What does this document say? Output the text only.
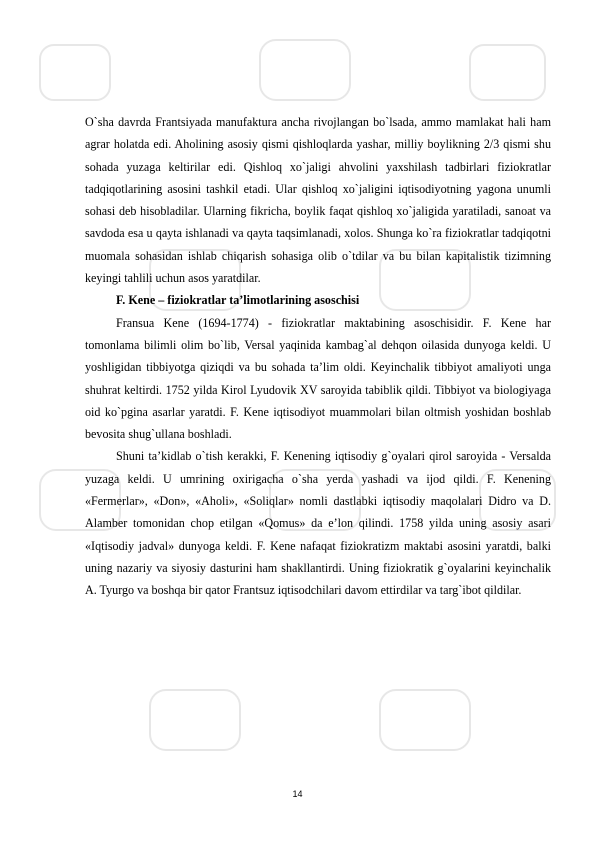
O`sha davrda Frantsiyada manufaktura ancha rivojlangan bo`lsada, ammo mamlakat hali ham agrar holatda edi. Aholining asosiy qismi qishloqlarda yashar, milliy boylikning 2/3 qismi shu sohada yuzaga keltirilar edi. Qishloq xo`jaligi ahvolini yaxshilash tadbirlari fiziokratlar tadqiqotlarining asosini tashkil etadi. Ular qishloq xo`jaligini iqtisodiyotning yagona unumli sohasi deb hisobladilar. Ularning fikricha, boylik faqat qishloq xo`jaligida yaratiladi, sanoat va savdoda esa u qayta ishlanadi va qayta taqsimlanadi, xolos. Shunga ko`ra fiziokratlar tadqiqotni muomala sohasidan ishlab chiqarish sohasiga olib o`tdilar va bu bilan kapitalistik tizimning keyingi tahlili uchun asos yaratdilar.

F. Kene – fiziokratlar ta’limotlarining asoschisi

Fransua Kene (1694-1774) - fiziokratlar maktabining asoschisidir. F. Kene har tomonlama bilimli olim bo`lib, Versal yaqinida kambag`al dehqon oilasida dunyoga keldi. U yoshligidan tibbiyotga qiziqdi va bu sohada ta’lim oldi. Keyinchalik tibbiyot amaliyoti unga shuhrat keltirdi. 1752 yilda Kirol Lyudovik XV saroyida tabiblik qildi. Tibbiyot va biologiyaga oid ko`pgina asarlar yaratdi. F. Kene iqtisodiyot muammolari bilan oltmish yoshidan boshlab bevosita shug`ullana boshladi.

Shuni ta’kidlab o`tish kerakki, F. Kenening iqtisodiy g`oyalari qirol saroyida - Versalda yuzaga keldi. U umrining oxirigacha o`sha yerda yashadi va ijod qildi. F. Kenening «Fermerlar», «Don», «Aholi», «Soliqlar» nomli dastlabki iqtisodiy maqolalari Didro va D. Alamber tomonidan chop etilgan «Qomus» da e’lon qilindi. 1758 yilda uning asosiy asari «Iqtisodiy jadval» dunyoga keldi. F. Kene nafaqat fiziokratizm maktabi asosini yaratdi, balki uning nazariy va siyosiy dasturini ham shakllantirdi. Uning fiziokratik g`oyalarini keyinchalik A. Tyurgo va boshqa bir qator Frantsuz iqtisodchilari davom ettirdilar va targ`ibot qildilar.

14
